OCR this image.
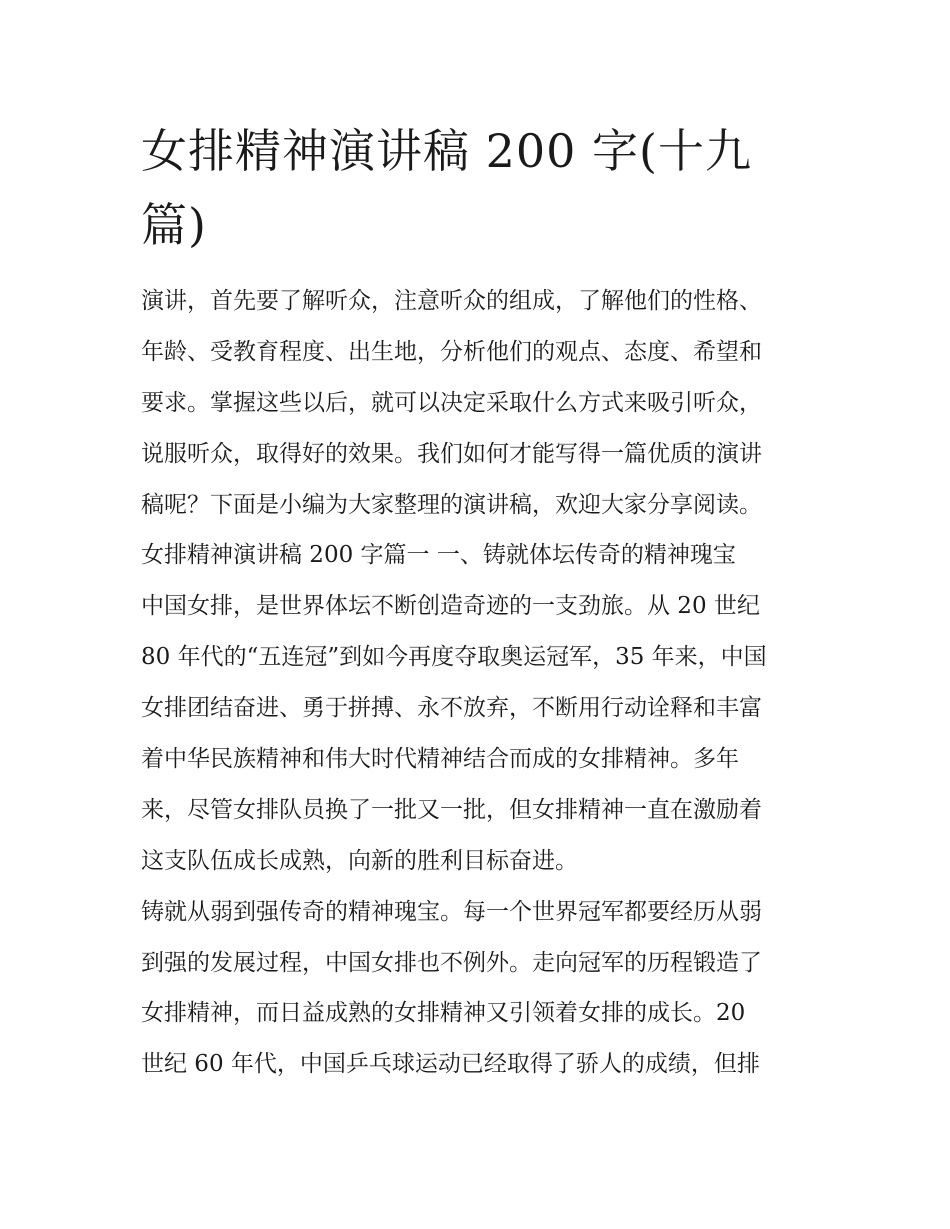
女排精神演讲稿 200 字(十九
篇)
演讲，首先要了解听众，注意听众的组成，了解他们的性格、
年龄、受教育程度、出生地，分析他们的观点、态度、希望和
要求。掌握这些以后，就可以决定采取什么方式来吸引听众，
说服听众，取得好的效果。我们如何才能写得一篇优质的演讲
稿呢？下面是小编为大家整理的演讲稿，欢迎大家分享阅读。
女排精神演讲稿 200 字篇一 一、铸就体坛传奇的精神瑰宝
中国女排，是世界体坛不断创造奇迹的一支劲旅。从 20 世纪
80 年代的“五连冠”到如今再度夺取奥运冠军，35 年来，中国
女排团结奋进、勇于拼搏、永不放弃，不断用行动诠释和丰富
着中华民族精神和伟大时代精神结合而成的女排精神。多年
来，尽管女排队员换了一批又一批，但女排精神一直在激励着
这支队伍成长成熟，向新的胜利目标奋进。
铸就从弱到强传奇的精神瑰宝。每一个世界冠军都要经历从弱
到强的发展过程，中国女排也不例外。走向冠军的历程锻造了
女排精神，而日益成熟的女排精神又引领着女排的成长。20
世纪 60 年代，中国乒乓球运动已经取得了骄人的成绩，但排
